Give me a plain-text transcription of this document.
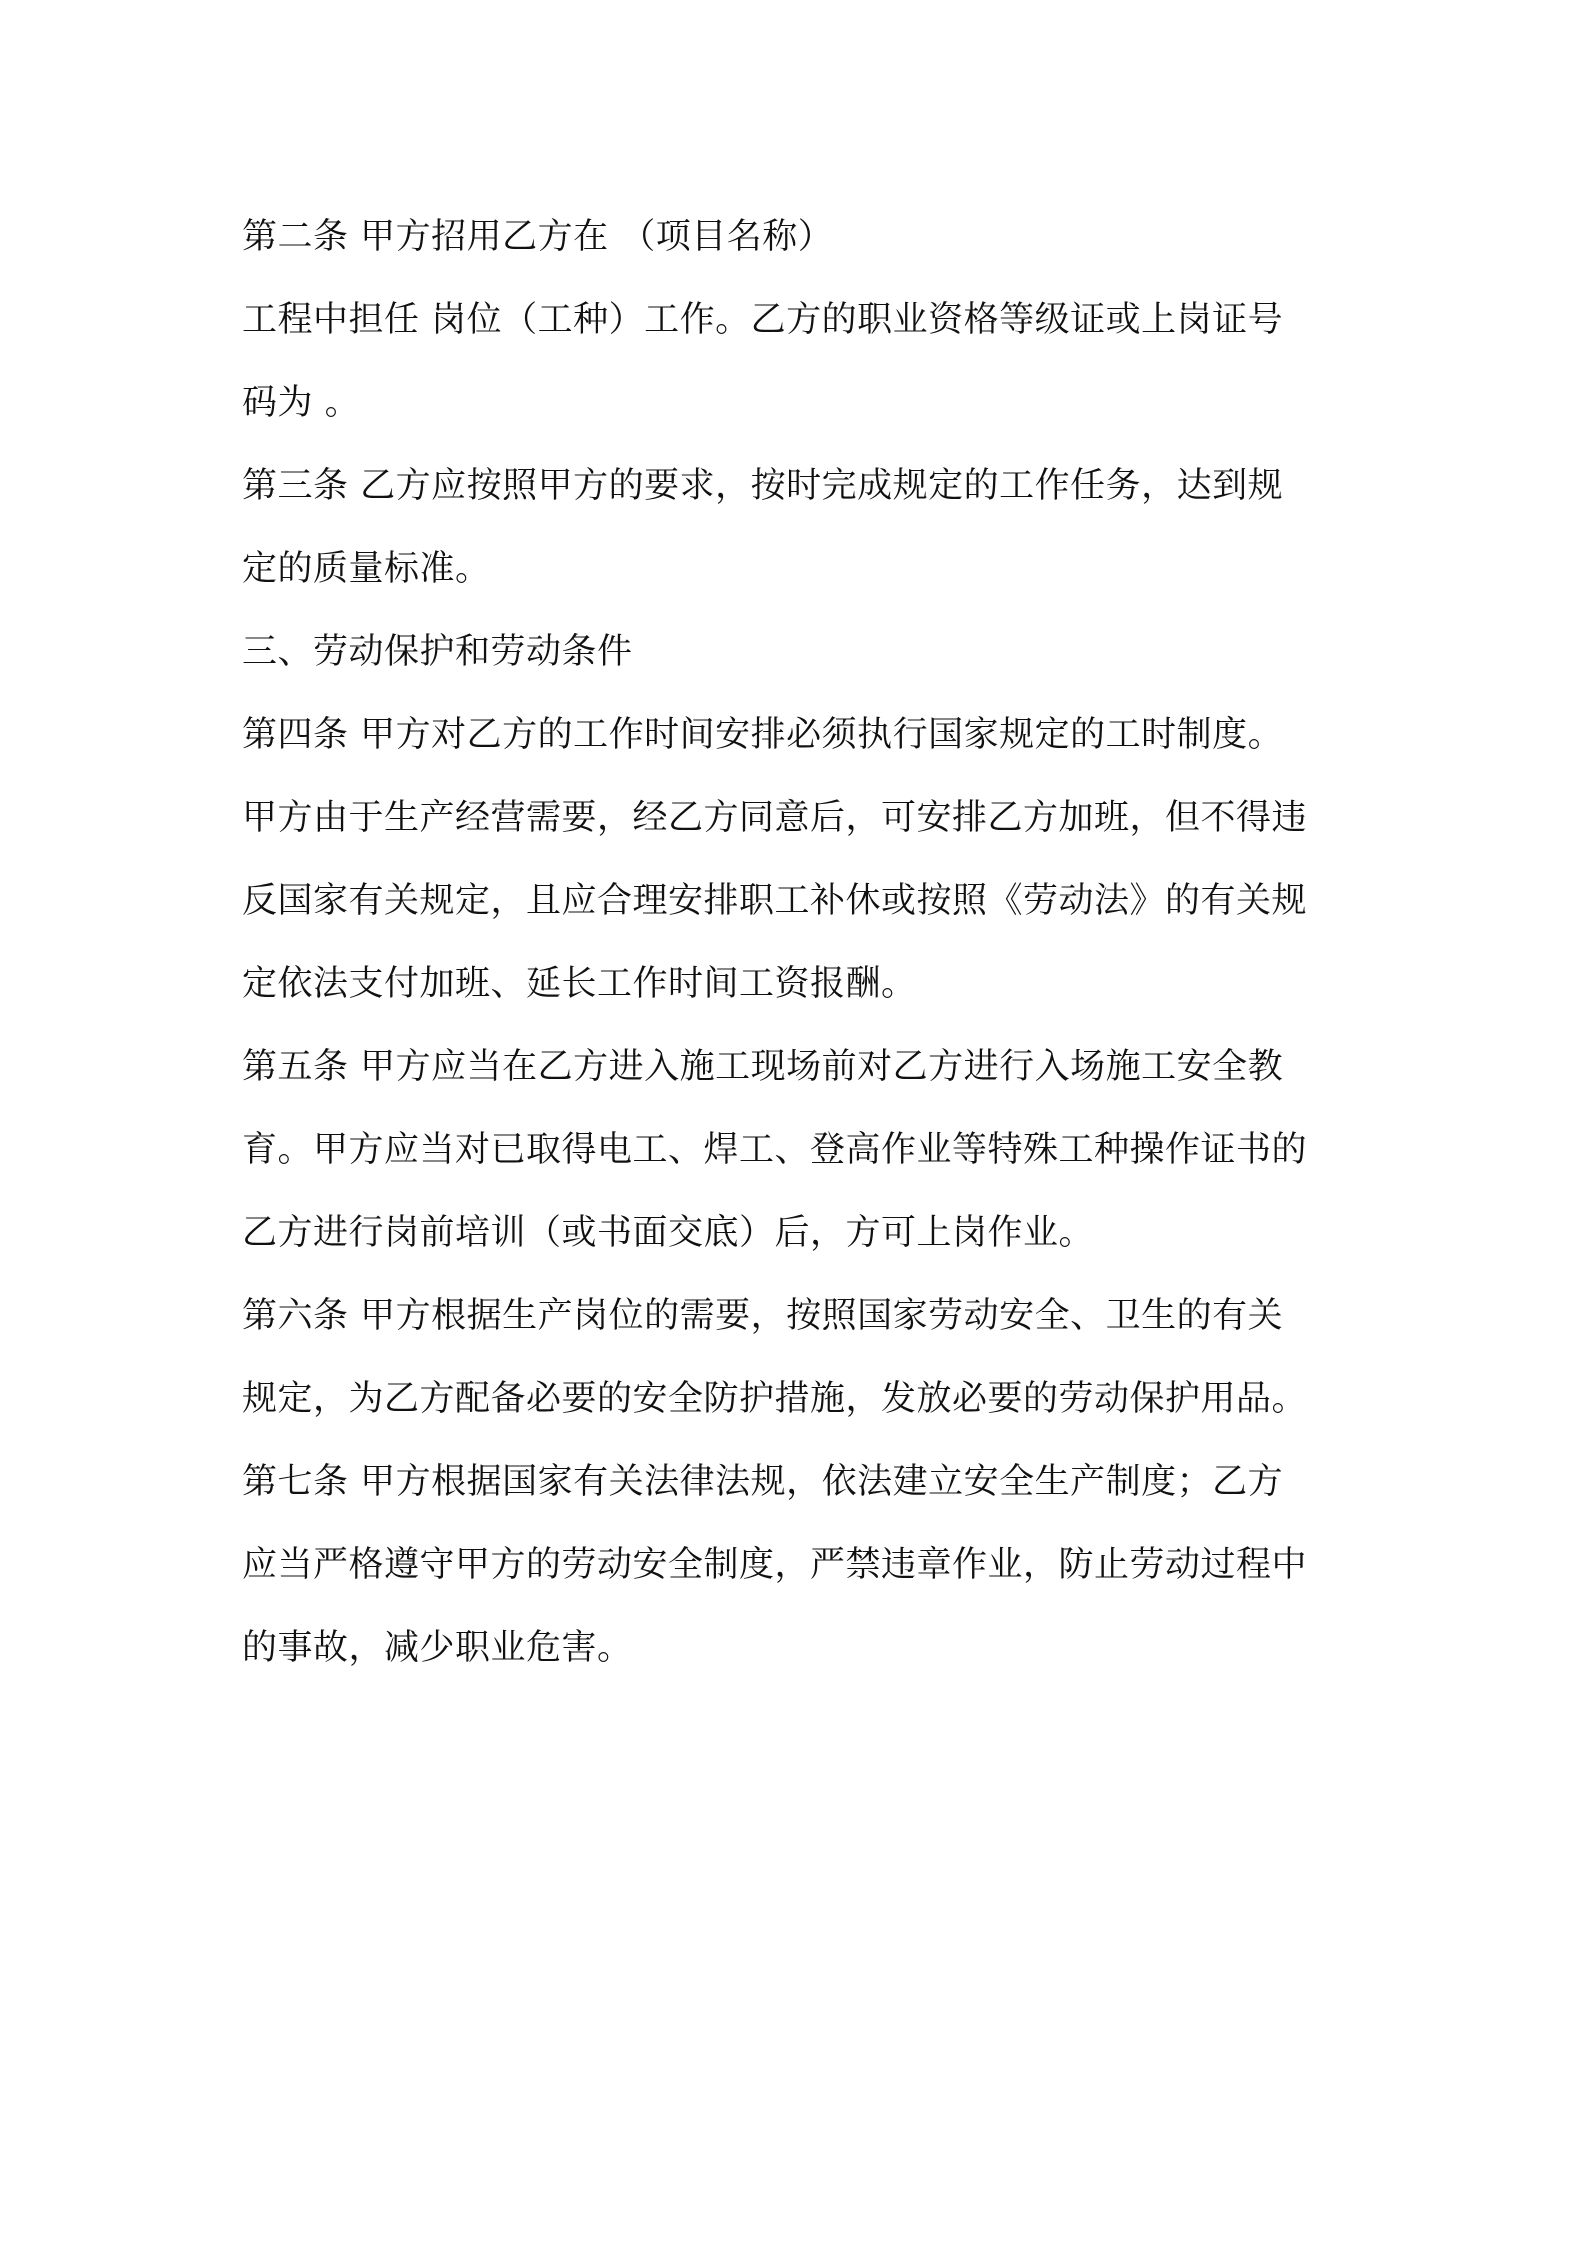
第二条 甲方招用乙方在 （项目名称）
工程中担任 岗位（工种）工作。乙方的职业资格等级证或上岗证号
码为 。
第三条 乙方应按照甲方的要求，按时完成规定的工作任务，达到规
定的质量标准。
三、劳动保护和劳动条件
第四条 甲方对乙方的工作时间安排必须执行国家规定的工时制度。
甲方由于生产经营需要，经乙方同意后，可安排乙方加班，但不得违
反国家有关规定，且应合理安排职工补休或按照《劳动法》的有关规
定依法支付加班、延长工作时间工资报酬。
第五条 甲方应当在乙方进入施工现场前对乙方进行入场施工安全教
育。甲方应当对已取得电工、焊工、登高作业等特殊工种操作证书的
乙方进行岗前培训（或书面交底）后，方可上岗作业。
第六条 甲方根据生产岗位的需要，按照国家劳动安全、卫生的有关
规定，为乙方配备必要的安全防护措施，发放必要的劳动保护用品。
第七条 甲方根据国家有关法律法规，依法建立安全生产制度；乙方
应当严格遵守甲方的劳动安全制度，严禁违章作业，防止劳动过程中
的事故，减少职业危害。
